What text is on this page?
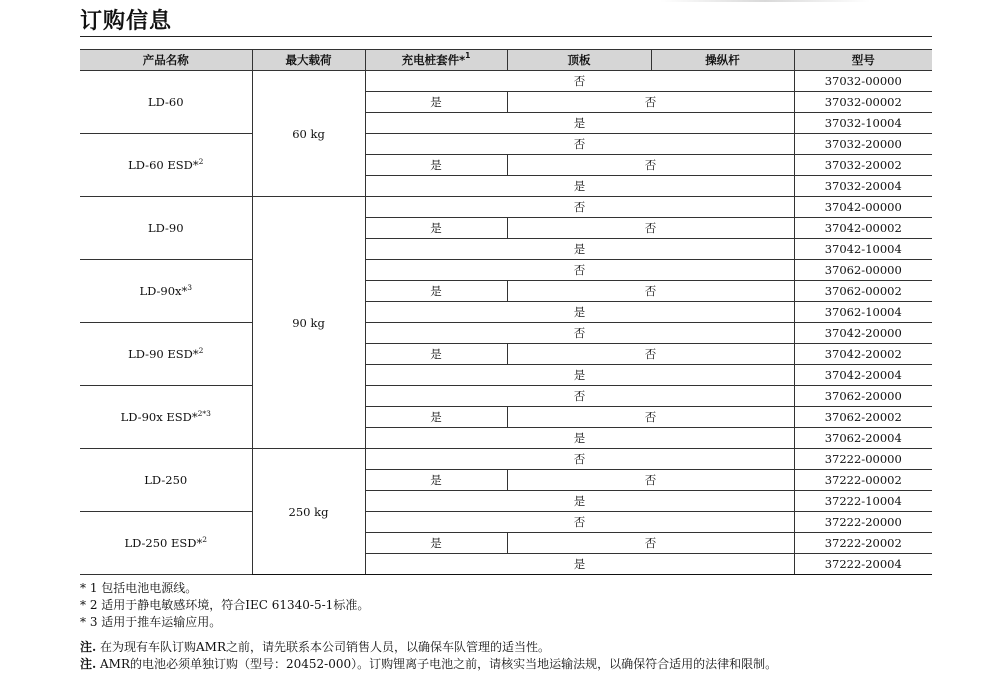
订购信息
产品名称	最大载荷	充电桩套件*$^1$	顶板	操纵杆	型号
LD-60	60 kg	否			37032-00000
		是	否		37032-00002
		是			37032-10004
LD-60 ESD*$^2$		否			37032-20000
		是	否		37032-20002
		是			37032-20004
LD-90	90 kg	否			37042-00000
		是	否		37042-00002
		是			37042-10004
LD-90x*$^3$		否			37062-00000
		是	否		37062-00002
		是			37062-10004
LD-90 ESD*$^2$		否			37042-20000
		是	否		37042-20002
		是			37042-20004
LD-90x ESD*$^{2*3}$		否			37062-20000
		是	否		37062-20002
		是			37062-20004
LD-250	250 kg	否			37222-00000
		是	否		37222-00002
		是			37222-10004
LD-250 ESD*$^2$		否			37222-20000
		是	否		37222-20002
		是			37222-20004
* 1 包括电池电源线。
* 2 适用于静电敏感环境，符合IEC 61340-5-1标准。
* 3 适用于推车运输应用。
注. 在为现有车队订购AMR之前，请先联系本公司销售人员，以确保车队管理的适当性。
注. AMR的电池必须单独订购（型号：20452-000）。订购锂离子电池之前，请核实当地运输法规，以确保符合适用的法律和限制。
